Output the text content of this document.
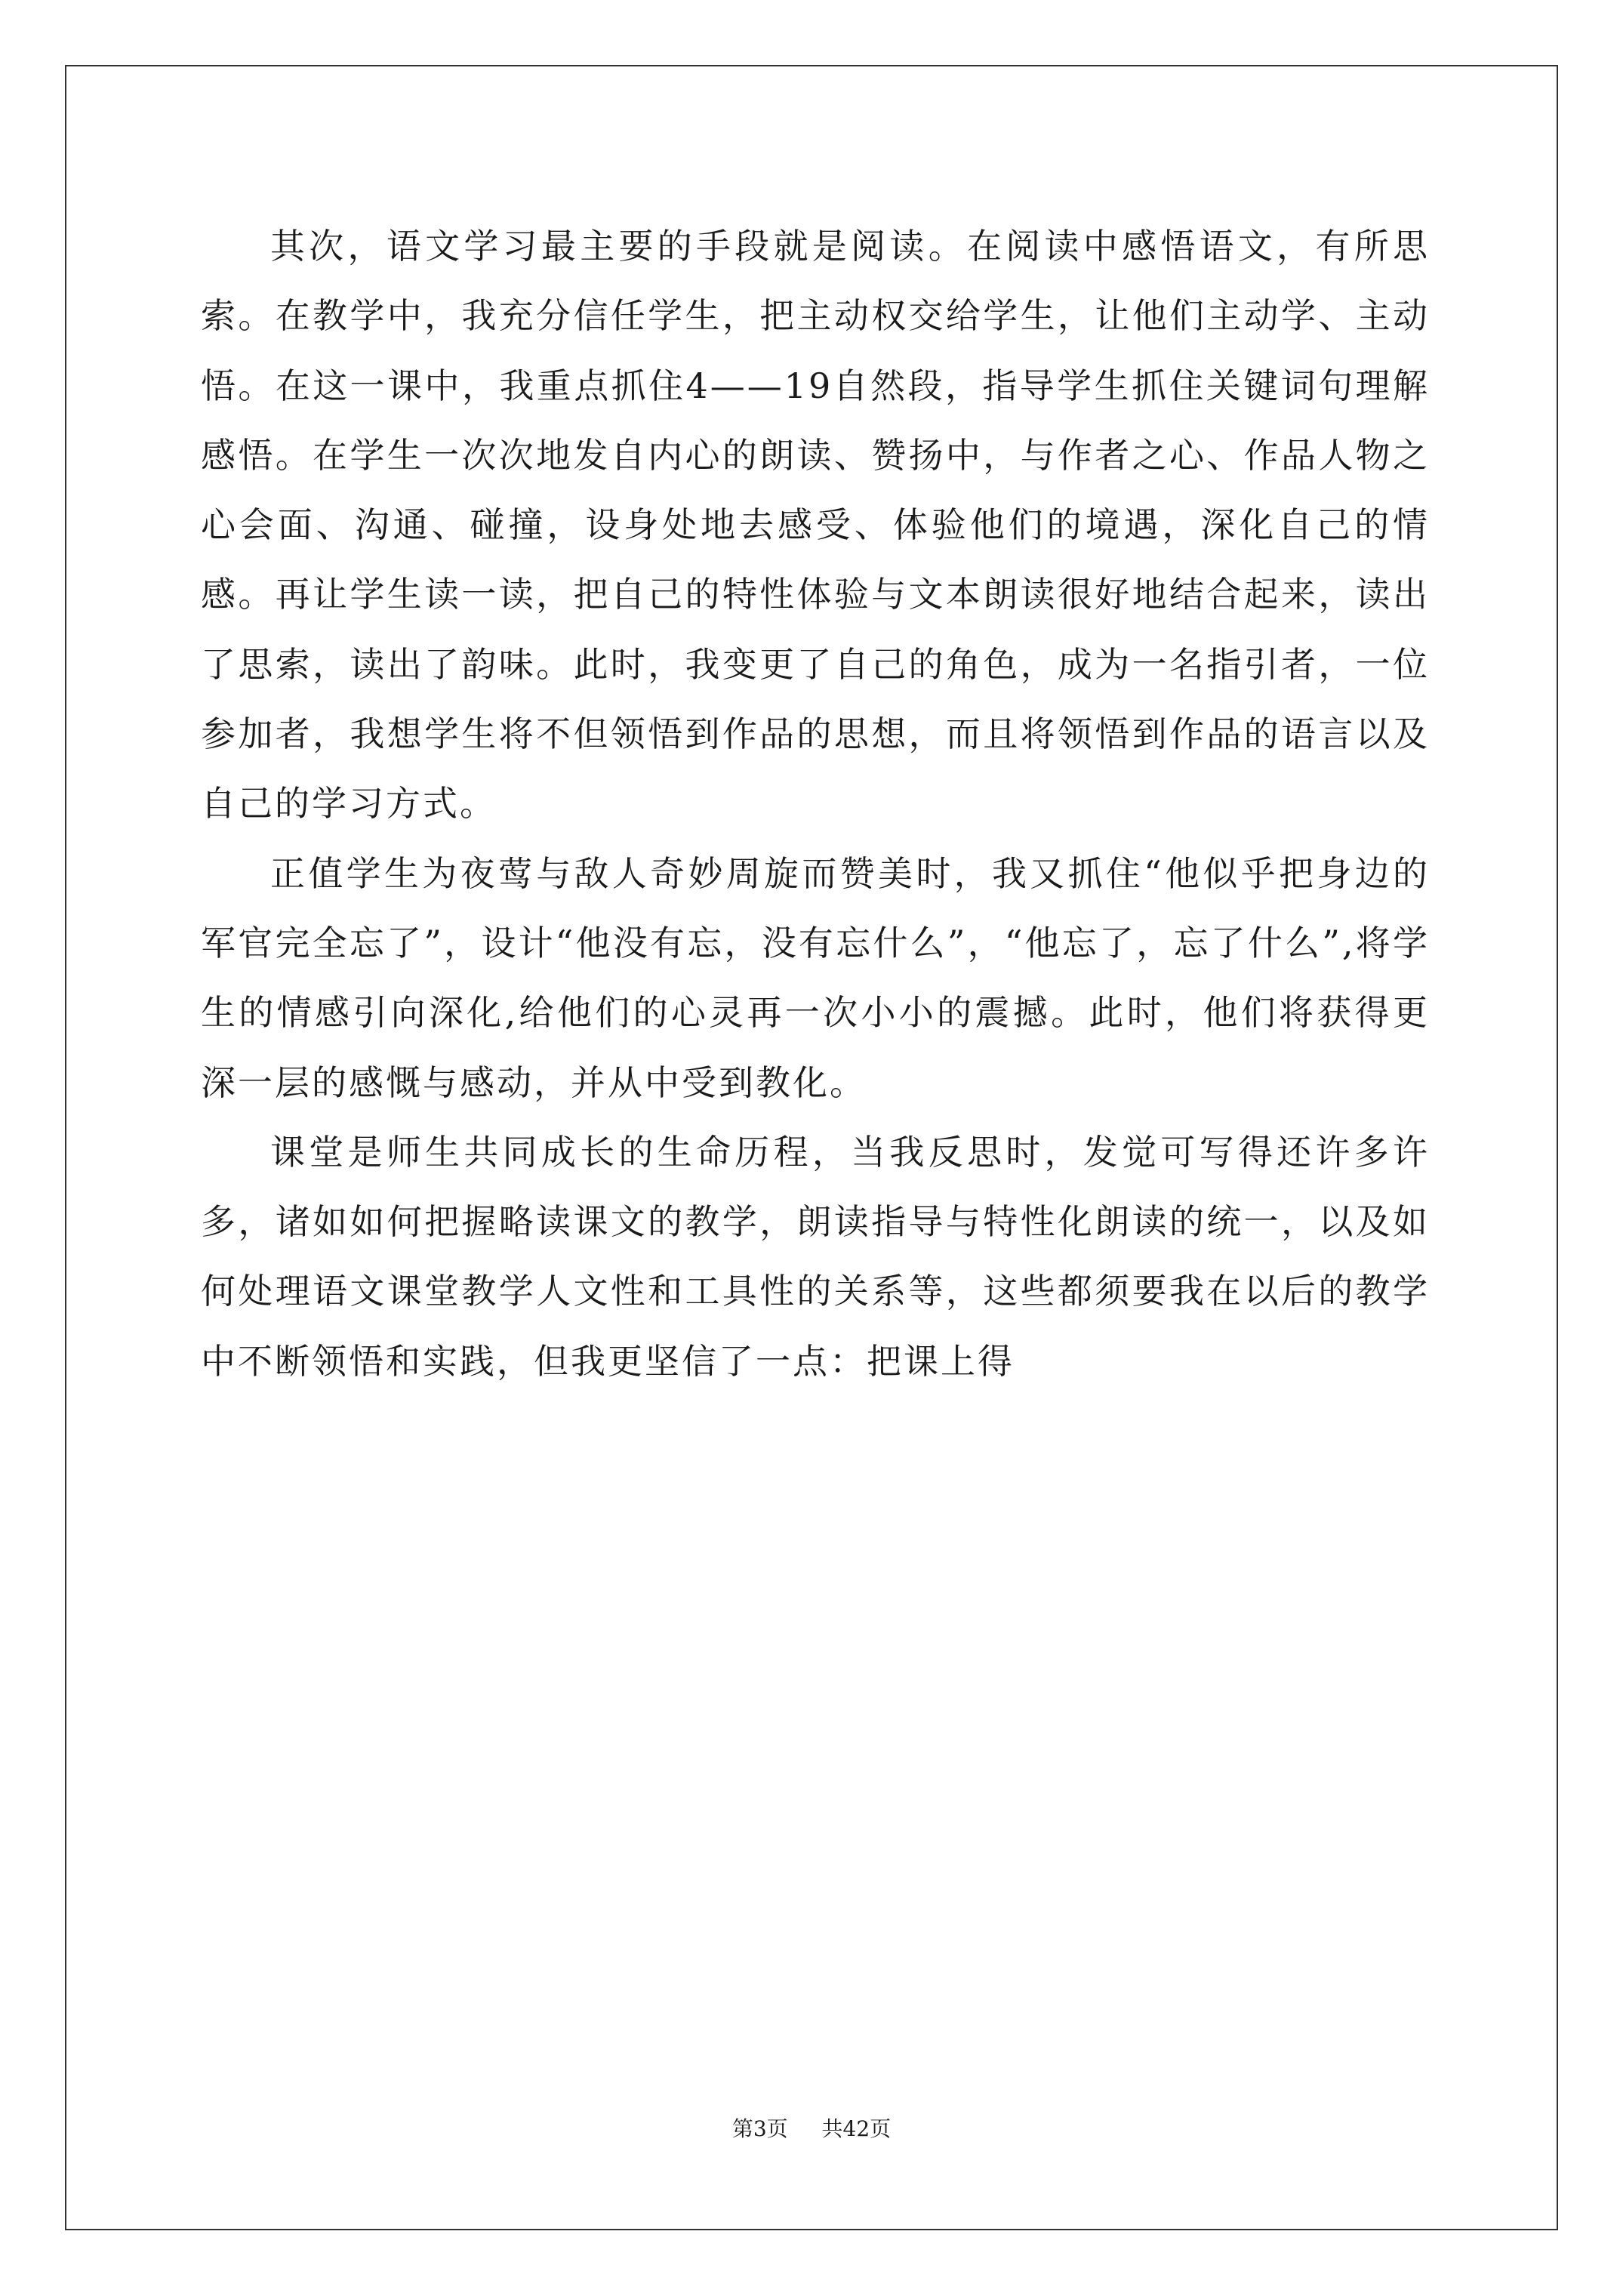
其次，语文学习最主要的手段就是阅读。在阅读中感悟语文，有所思索。在教学中，我充分信任学生，把主动权交给学生，让他们主动学、主动悟。在这一课中，我重点抓住4——19自然段，指导学生抓住关键词句理解感悟。在学生一次次地发自内心的朗读、赞扬中，与作者之心、作品人物之心会面、沟通、碰撞，设身处地去感受、体验他们的境遇，深化自己的情感。再让学生读一读，把自己的特性体验与文本朗读很好地结合起来，读出了思索，读出了韵味。此时，我变更了自己的角色，成为一名指引者，一位参加者，我想学生将不但领悟到作品的思想，而且将领悟到作品的语言以及自己的学习方式。

正值学生为夜莺与敌人奇妙周旋而赞美时，我又抓住“他似乎把身边的军官完全忘了”，设计“他没有忘，没有忘什么”，“他忘了，忘了什么”,将学生的情感引向深化,给他们的心灵再一次小小的震撼。此时，他们将获得更深一层的感慨与感动，并从中受到教化。

课堂是师生共同成长的生命历程，当我反思时，发觉可写得还许多许多，诸如如何把握略读课文的教学，朗读指导与特性化朗读的统一，以及如何处理语文课堂教学人文性和工具性的关系等，这些都须要我在以后的教学中不断领悟和实践，但我更坚信了一点：把课上得

第3页 共42页
